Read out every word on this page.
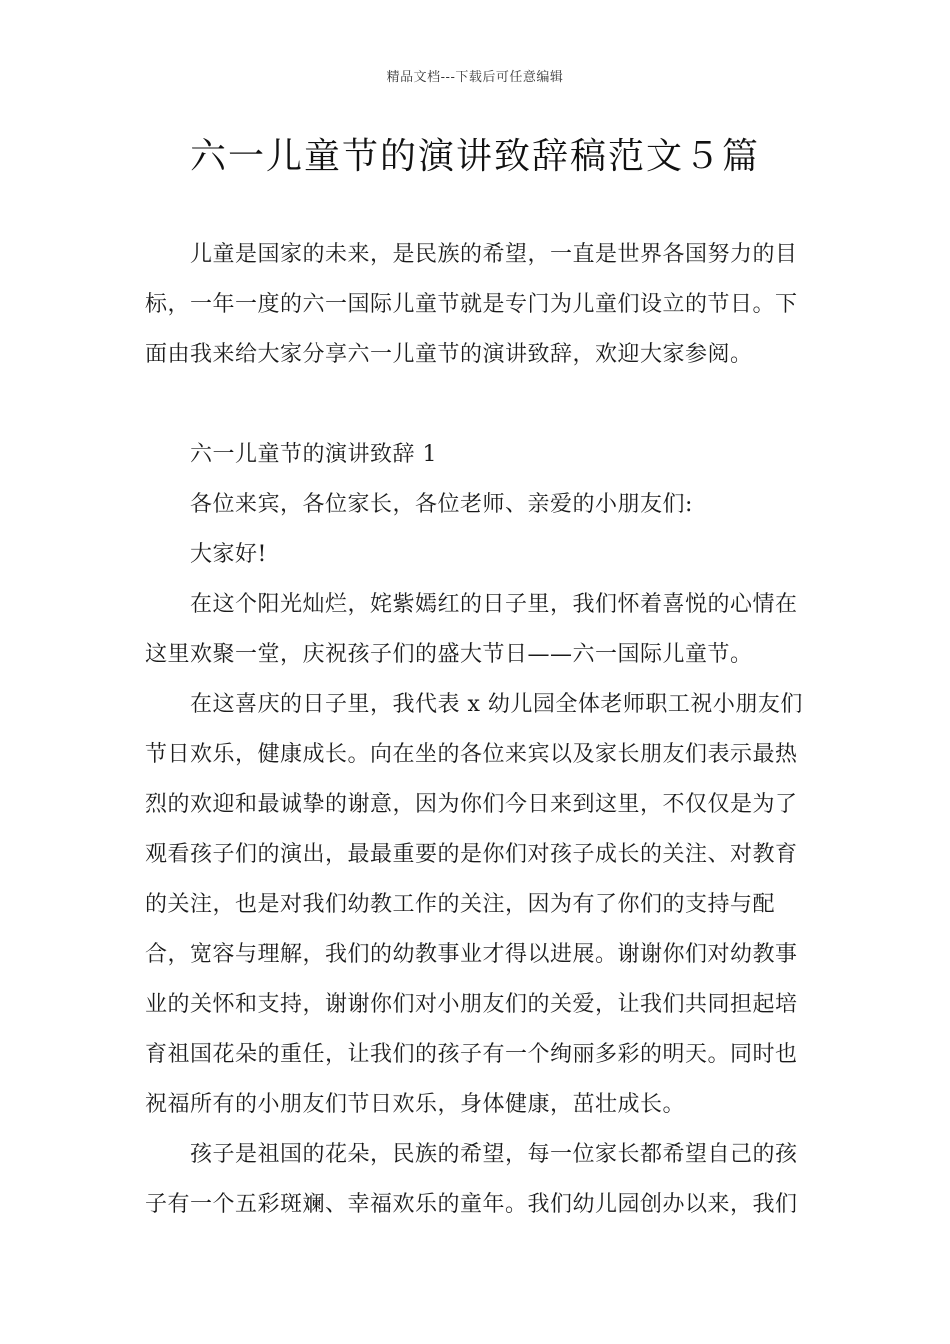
精品文档---下载后可任意编辑
六一儿童节的演讲致辞稿范文５篇

儿童是国家的未来，是民族的希望，一直是世界各国努力的目标，一年一度的六一国际儿童节就是专门为儿童们设立的节日。下面由我来给大家分享六一儿童节的演讲致辞，欢迎大家参阅。

六一儿童节的演讲致辞 1

各位来宾，各位家长，各位老师、亲爱的小朋友们:

大家好!

在这个阳光灿烂，姹紫嫣红的日子里，我们怀着喜悦的心情在这里欢聚一堂，庆祝孩子们的盛大节日——六一国际儿童节。

在这喜庆的日子里，我代表 x 幼儿园全体老师职工祝小朋友们节日欢乐，健康成长。向在坐的各位来宾以及家长朋友们表示最热烈的欢迎和最诚挚的谢意，因为你们今日来到这里，不仅仅是为了观看孩子们的演出，最最重要的是你们对孩子成长的关注、对教育的关注，也是对我们幼教工作的关注，因为有了你们的支持与配合，宽容与理解，我们的幼教事业才得以进展。谢谢你们对幼教事业的关怀和支持，谢谢你们对小朋友们的关爱，让我们共同担起培育祖国花朵的重任，让我们的孩子有一个绚丽多彩的明天。同时也祝福所有的小朋友们节日欢乐，身体健康，茁壮成长。

孩子是祖国的花朵，民族的希望，每一位家长都希望自己的孩子有一个五彩斑斓、幸福欢乐的童年。我们幼儿园创办以来，我们
